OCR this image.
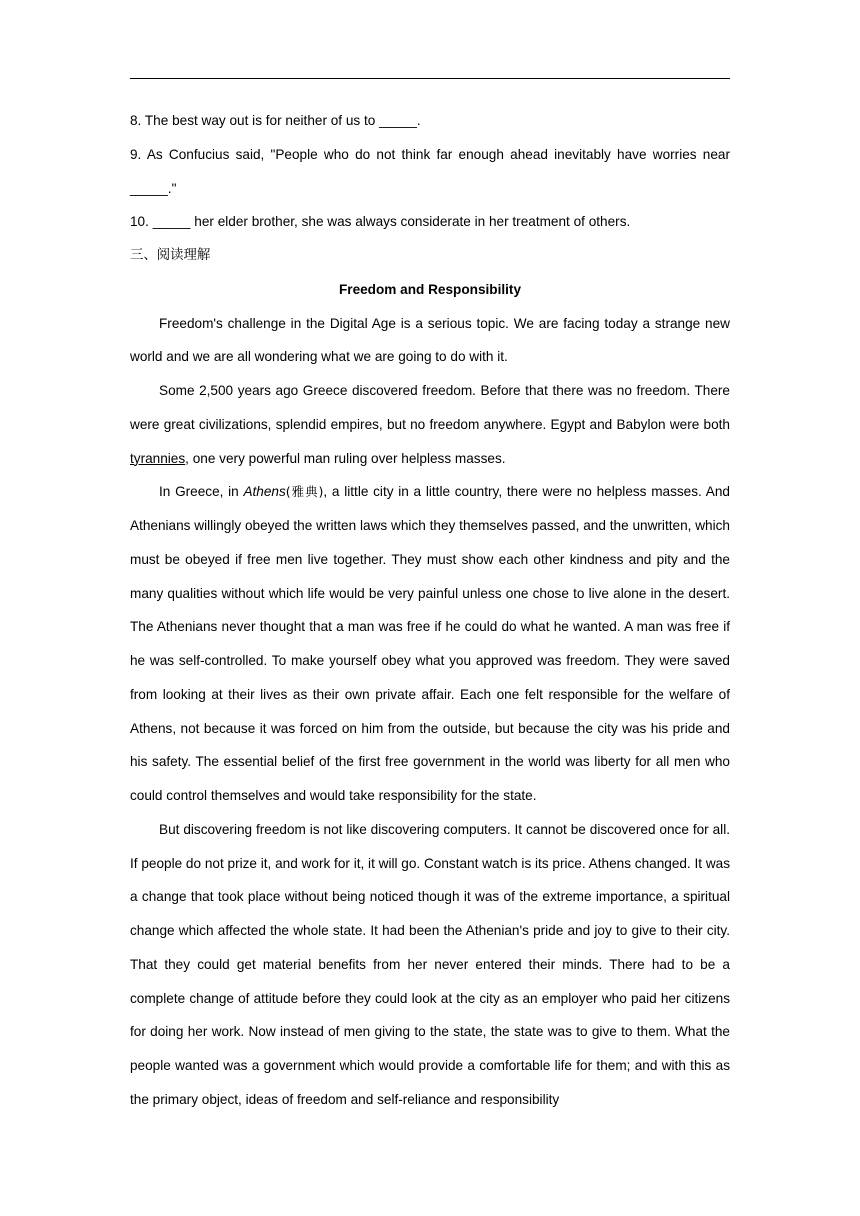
8. The best way out is for neither of us to _____.

9. As Confucius said, "People who do not think far enough ahead inevitably have worries near _____."

10. _____ her elder brother, she was always considerate in her treatment of others.

三、阅读理解

Freedom and Responsibility

Freedom's challenge in the Digital Age is a serious topic. We are facing today a strange new world and we are all wondering what we are going to do with it.

Some 2,500 years ago Greece discovered freedom. Before that there was no freedom. There were great civilizations, splendid empires, but no freedom anywhere. Egypt and Babylon were both tyrannies, one very powerful man ruling over helpless masses.

In Greece, in Athens(雅典), a little city in a little country, there were no helpless masses. And Athenians willingly obeyed the written laws which they themselves passed, and the unwritten, which must be obeyed if free men live together. They must show each other kindness and pity and the many qualities without which life would be very painful unless one chose to live alone in the desert. The Athenians never thought that a man was free if he could do what he wanted. A man was free if he was self-controlled. To make yourself obey what you approved was freedom. They were saved from looking at their lives as their own private affair. Each one felt responsible for the welfare of Athens, not because it was forced on him from the outside, but because the city was his pride and his safety. The essential belief of the first free government in the world was liberty for all men who could control themselves and would take responsibility for the state.

But discovering freedom is not like discovering computers. It cannot be discovered once for all. If people do not prize it, and work for it, it will go. Constant watch is its price. Athens changed. It was a change that took place without being noticed though it was of the extreme importance, a spiritual change which affected the whole state. It had been the Athenian's pride and joy to give to their city. That they could get material benefits from her never entered their minds. There had to be a complete change of attitude before they could look at the city as an employer who paid her citizens for doing her work. Now instead of men giving to the state, the state was to give to them. What the people wanted was a government which would provide a comfortable life for them; and with this as the primary object, ideas of freedom and self-reliance and responsibility
